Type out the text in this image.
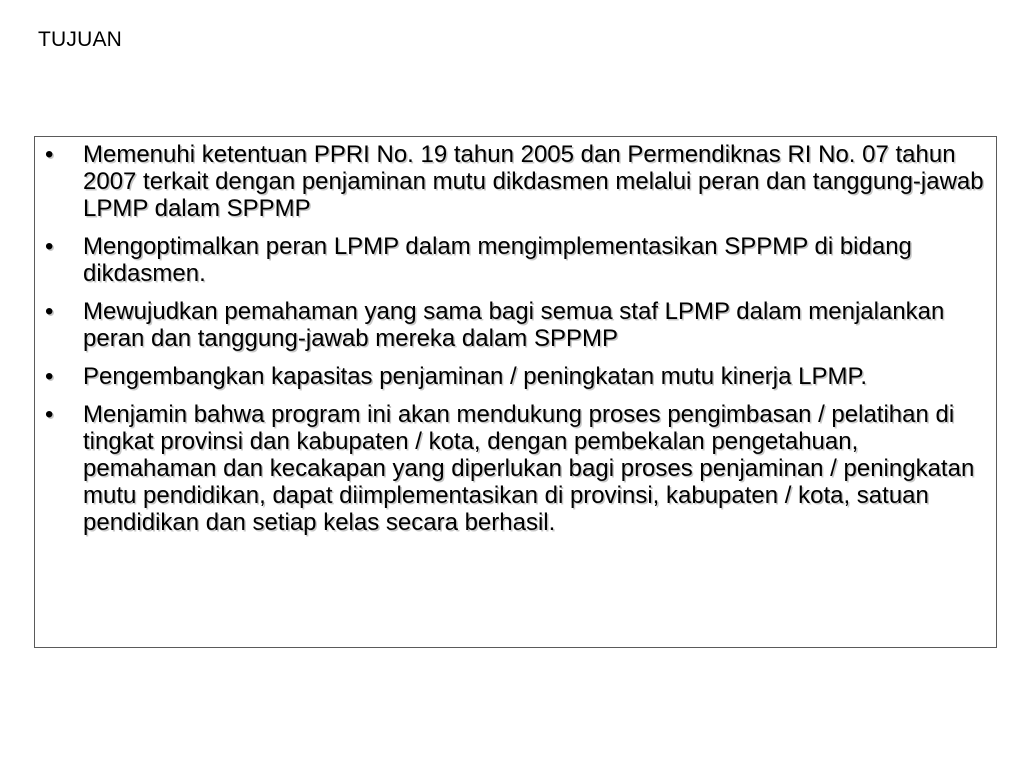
TUJUAN
•	Memenuhi ketentuan PPRI No. 19 tahun 2005 dan Permendiknas RI No. 07 tahun 2007 terkait dengan penjaminan mutu dikdasmen melalui peran dan tanggung-jawab LPMP dalam SPPMP
•	Mengoptimalkan peran LPMP dalam mengimplementasikan SPPMP di bidang dikdasmen.
•	Mewujudkan pemahaman yang sama bagi semua staf LPMP dalam menjalankan peran dan tanggung-jawab mereka dalam SPPMP
•	Pengembangkan kapasitas penjaminan / peningkatan mutu kinerja LPMP.
•	Menjamin bahwa program ini akan mendukung proses pengimbasan / pelatihan di tingkat provinsi dan kabupaten / kota, dengan pembekalan pengetahuan, pemahaman dan kecakapan yang diperlukan bagi proses penjaminan / peningkatan mutu pendidikan, dapat diimplementasikan di provinsi, kabupaten / kota, satuan pendidikan dan setiap kelas secara berhasil.
